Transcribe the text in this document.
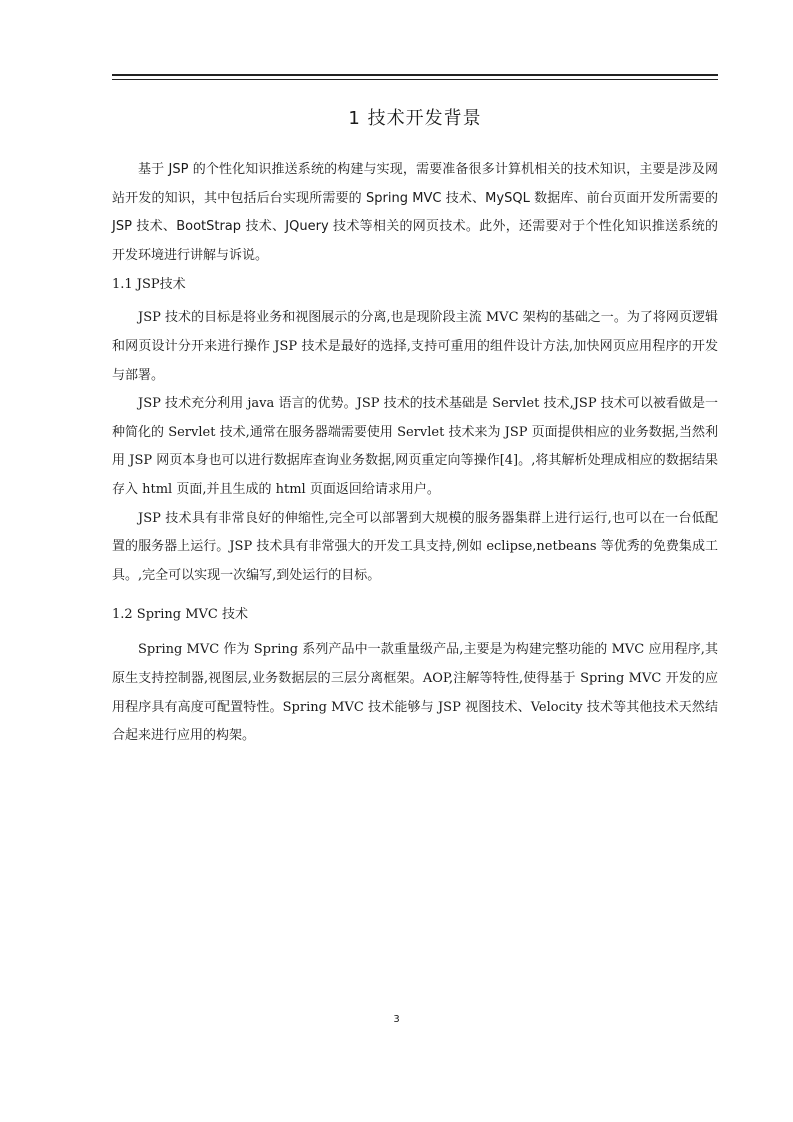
1 技术开发背景

基于 JSP 的个性化知识推送系统的构建与实现，需要准备很多计算机相关的技术知识，主要是涉及网站开发的知识，其中包括后台实现所需要的 Spring MVC 技术、MySQL 数据库、前台页面开发所需要的 JSP 技术、BootStrap 技术、JQuery 技术等相关的网页技术。此外，还需要对于个性化知识推送系统的开发环境进行讲解与诉说。

1.1 JSP技术

JSP 技术的目标是将业务和视图展示的分离,也是现阶段主流 MVC 架构的基础之一。为了将网页逻辑和网页设计分开来进行操作 JSP 技术是最好的选择,支持可重用的组件设计方法,加快网页应用程序的开发与部署。

JSP 技术充分利用 java 语言的优势。JSP 技术的技术基础是 Servlet 技术,JSP 技术可以被看做是一种简化的 Servlet 技术,通常在服务器端需要使用 Servlet 技术来为 JSP 页面提供相应的业务数据,当然利用 JSP 网页本身也可以进行数据库查询业务数据,网页重定向等操作[4]。,将其解析处理成相应的数据结果存入 html 页面,并且生成的 html 页面返回给请求用户。

JSP 技术具有非常良好的伸缩性,完全可以部署到大规模的服务器集群上进行运行,也可以在一台低配置的服务器上运行。JSP 技术具有非常强大的开发工具支持,例如 eclipse,netbeans 等优秀的免费集成工具。,完全可以实现一次编写,到处运行的目标。

1.2 Spring MVC 技术

Spring MVC 作为 Spring 系列产品中一款重量级产品,主要是为构建完整功能的 MVC 应用程序,其原生支持控制器,视图层,业务数据层的三层分离框架。AOP,注解等特性,使得基于 Spring MVC 开发的应用程序具有高度可配置特性。Spring MVC 技术能够与 JSP 视图技术、Velocity 技术等其他技术天然结合起来进行应用的构架。

3
